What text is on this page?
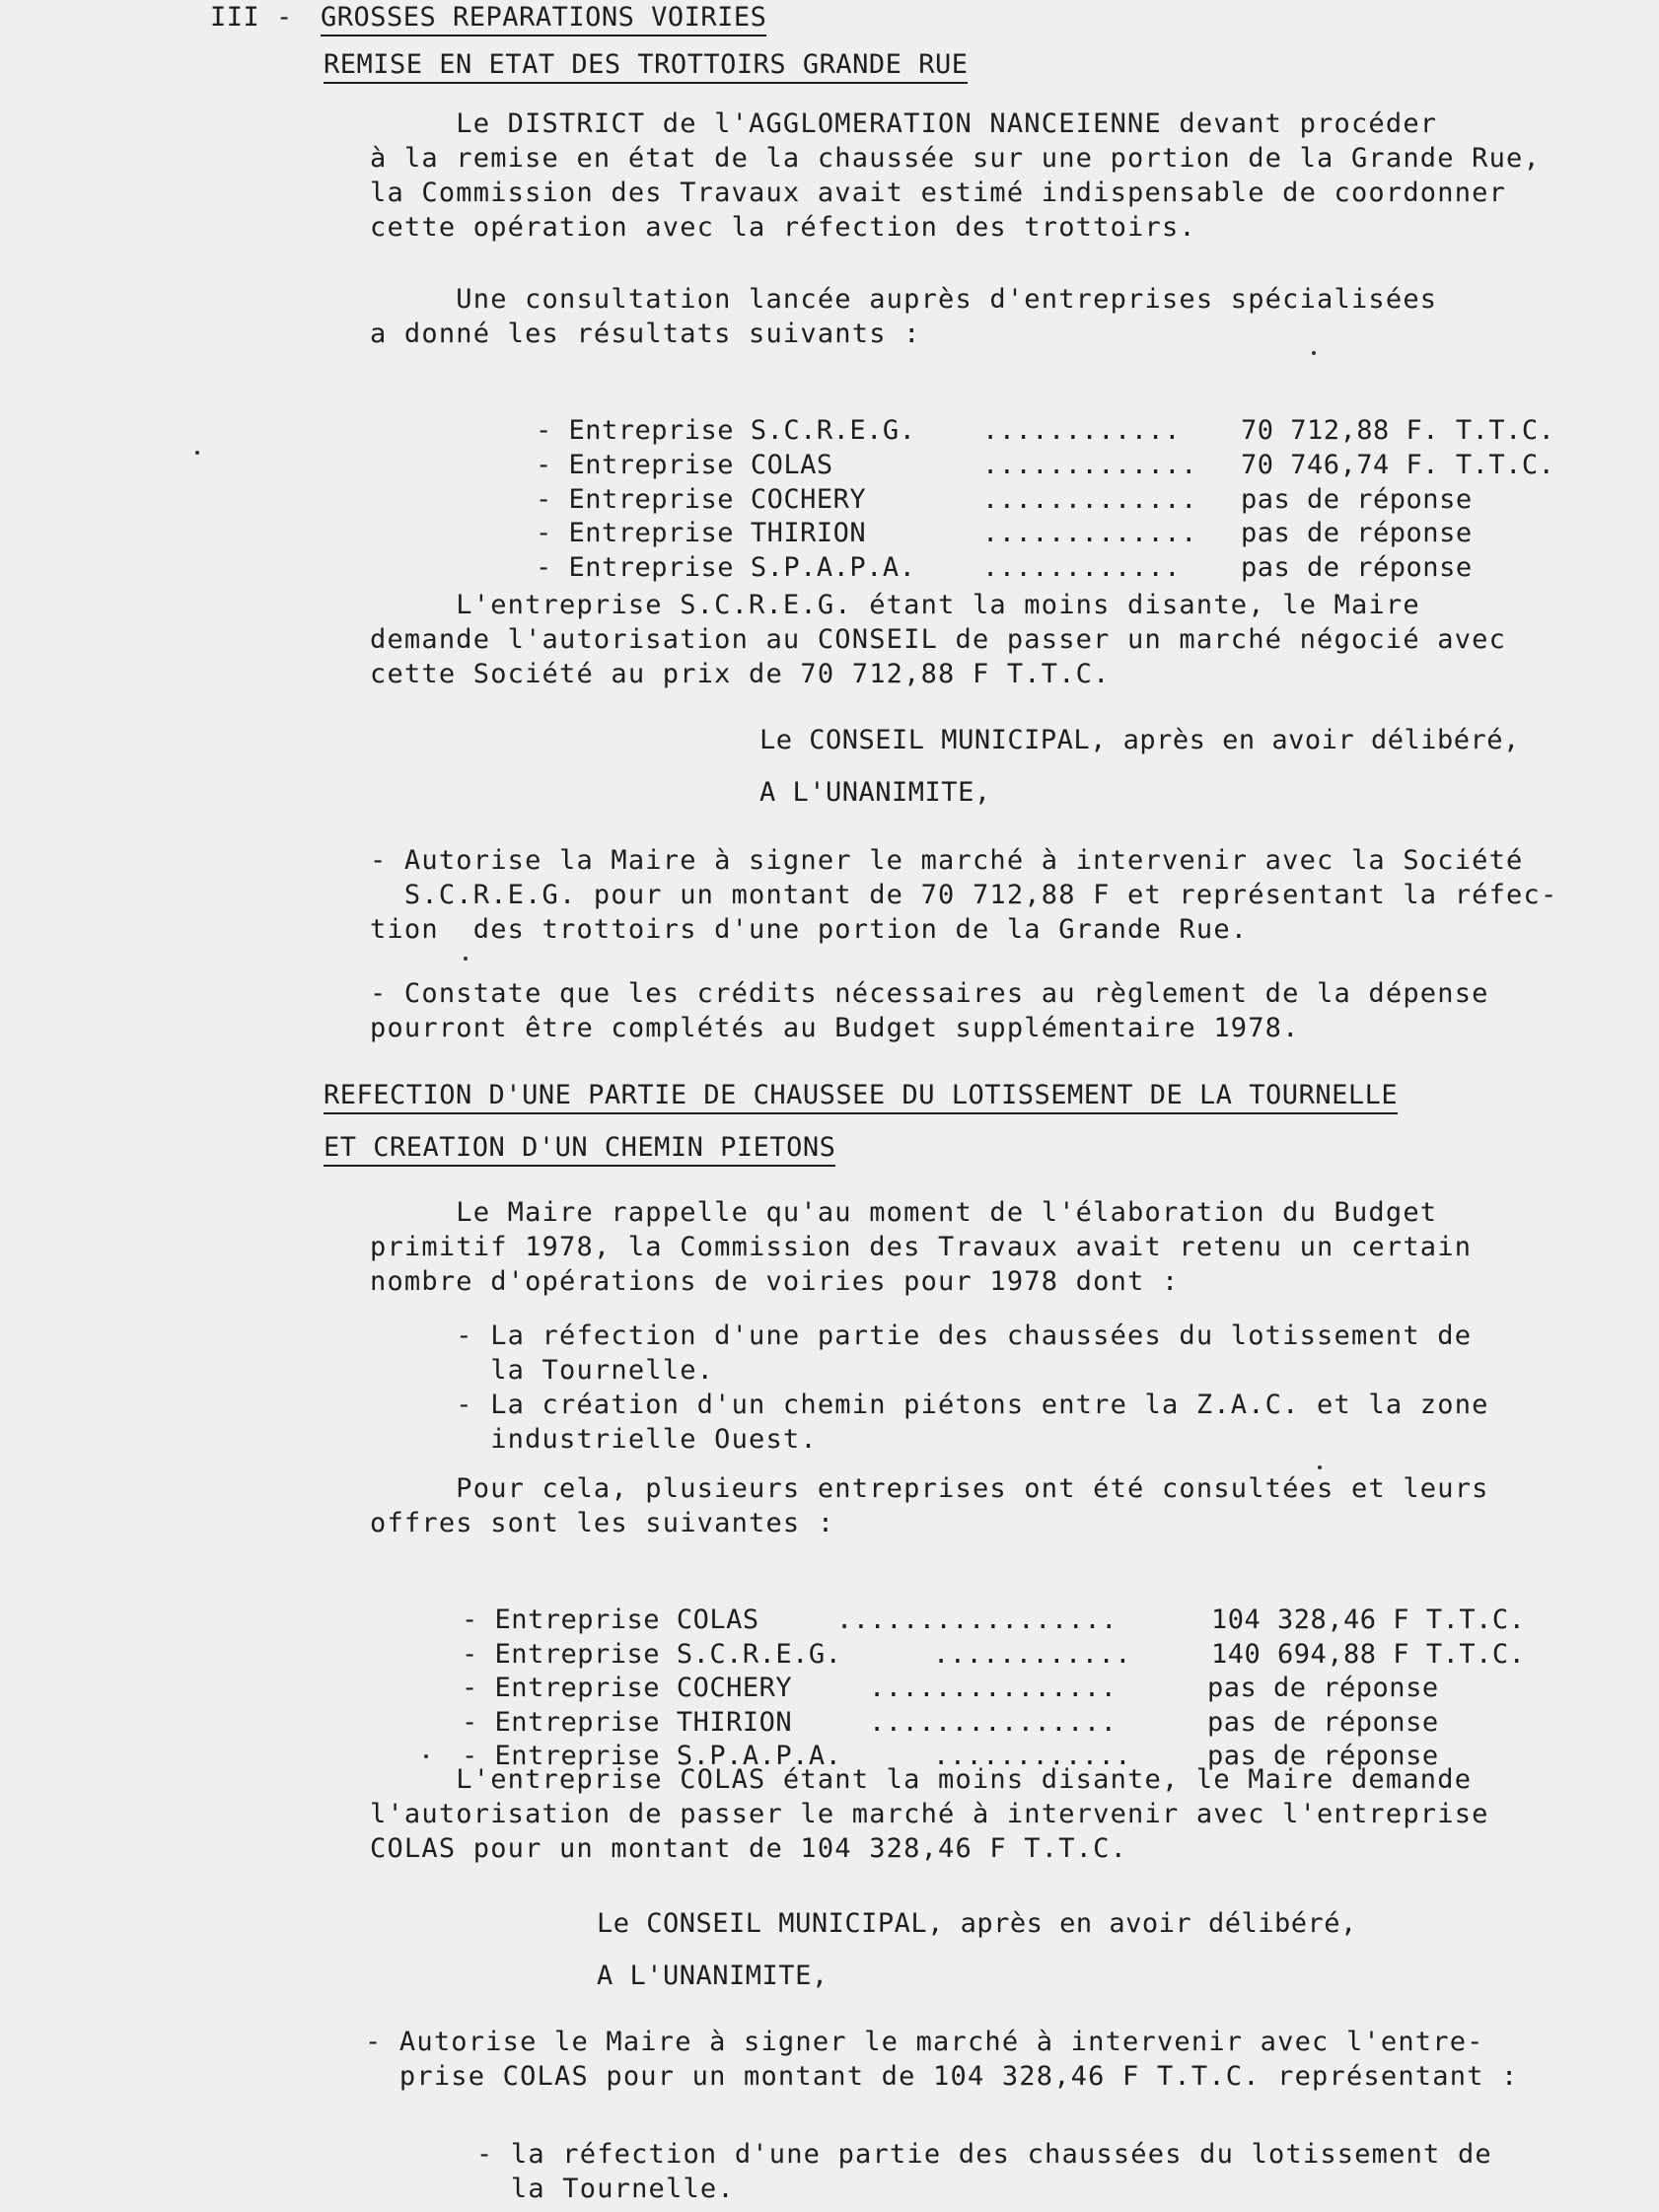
III - GROSSES REPARATIONS VOIRIES
REMISE EN ETAT DES TROTTOIRS GRANDE RUE
Le DISTRICT de l'AGGLOMERATION NANCEIENNE devant procéder
à la remise en état de la chaussée sur une portion de la Grande Rue,
la Commission des Travaux avait estimé indispensable de coordonner
cette opération avec la réfection des trottoirs.
Une consultation lancée auprès d'entreprises spécialisées
a donné les résultats suivants :

- Entreprise S.C.R.E.G.	............ 70 712,88 F. T.T.C.

- Entreprise COLAS	............. 70 746,74 F. T.T.C.

- Entreprise COCHERY	............. pas de réponse

- Entreprise THIRION	............. pas de réponse

- Entreprise S.P.A.P.A.	............ pas de réponse

L'entreprise S.C.R.E.G. étant la moins disante, le Maire
demande l'autorisation au CONSEIL de passer un marché négocié avec
cette Société au prix de 70 712,88 F T.T.C.
Le CONSEIL MUNICIPAL, après en avoir délibéré,
A L'UNANIMITE,
- Autorise la Maire à signer le marché à intervenir avec la Société
S.C.R.E.G. pour un montant de 70 712,88 F et représentant la réfec-
tion  des trottoirs d'une portion de la Grande Rue.
- Constate que les crédits nécessaires au règlement de la dépense
pourront être complétés au Budget supplémentaire 1978.
REFECTION D'UNE PARTIE DE CHAUSSEE DU LOTISSEMENT DE LA TOURNELLE
ET CREATION D'UN CHEMIN PIETONS
Le Maire rappelle qu'au moment de l'élaboration du Budget
primitif 1978, la Commission des Travaux avait retenu un certain
nombre d'opérations de voiries pour 1978 dont :
- La réfection d'une partie des chaussées du lotissement de
la Tournelle.
- La création d'un chemin piétons entre la Z.A.C. et la zone
industrielle Ouest.
Pour cela, plusieurs entreprises ont été consultées et leurs
offres sont les suivantes :

- Entreprise COLAS	.................	104 328,46 F T.T.C.

- Entreprise S.C.R.E.G.	............	140 694,88 F T.T.C.

- Entreprise COCHERY	...............	pas de réponse

- Entreprise THIRION	...............	pas de réponse

- Entreprise S.P.A.P.A.	............	pas de réponse

L'entreprise COLAS étant la moins disante, le Maire demande
l'autorisation de passer le marché à intervenir avec l'entreprise
COLAS pour un montant de 104 328,46 F T.T.C.
Le CONSEIL MUNICIPAL, après en avoir délibéré,
A L'UNANIMITE,
- Autorise le Maire à signer le marché à intervenir avec l'entre-
prise COLAS pour un montant de 104 328,46 F T.T.C. représentant :
- la réfection d'une partie des chaussées du lotissement de
la Tournelle.
